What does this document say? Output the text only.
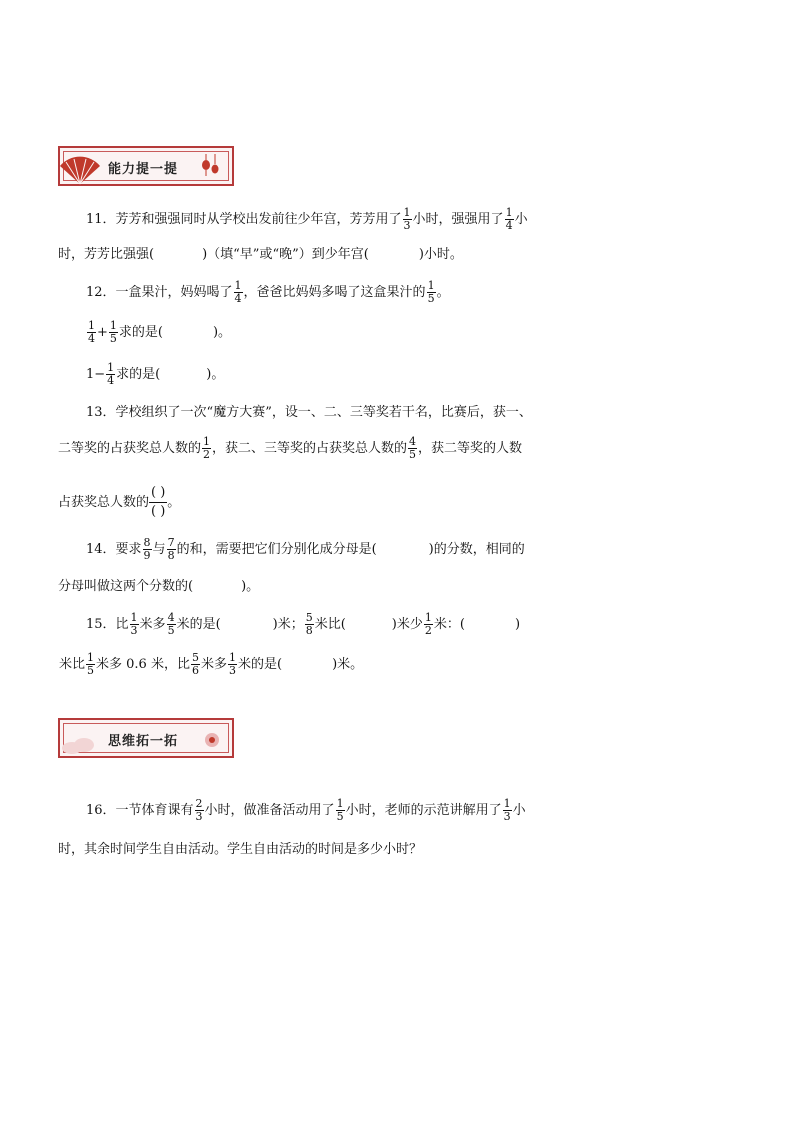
能力提一提
11．芳芳和强强同时从学校出发前往少年宫，芳芳用了 $\frac{1}{3}$ 小时，强强用了 $\frac{1}{4}$ 小
时，芳芳比强强(	)（填“早”或“晚”）到少年宫(	)小时。
12．一盒果汁，妈妈喝了 $\frac{1}{4}$ ，爸爸比妈妈多喝了这盒果汁的 $\frac{1}{5}$ 。
$\frac{1}{4} + \frac{1}{5}$ 求的是(	)。
$1- \frac{1}{4}$ 求的是(	)。
13．学校组织了一次“魔方大赛”，设一、二、三等奖若干名，比赛后，获一、
二等奖的占获奖总人数的 $\frac{1}{2}$ ，获二、三等奖的占获奖总人数的 $\frac{4}{5}$ ，获二等奖的人数
占获奖总人数的 $\frac{( )}{( )}$ 。
14．要求 $\frac{8}{9}$ 与 $\frac{7}{8}$ 的和，需要把它们分别化成分母是(	)的分数，相同的
分母叫做这两个分数的(	)。
15．比 $\frac{1}{3}$ 米多 $\frac{4}{5}$ 米的是(	)米； $\frac{5}{8}$ 米比(	)米少 $\frac{1}{2}$ 米：(	)
米比 $\frac{1}{5}$ 米多 0.6 米，比 $\frac{5}{6}$ 米多 $\frac{1}{3}$ 米的是(	)米。
思维拓一拓
16．一节体育课有 $\frac{2}{3}$ 小时，做准备活动用了 $\frac{1}{5}$ 小时，老师的示范讲解用了 $\frac{1}{3}$ 小
时，其余时间学生自由活动。学生自由活动的时间是多少小时？
